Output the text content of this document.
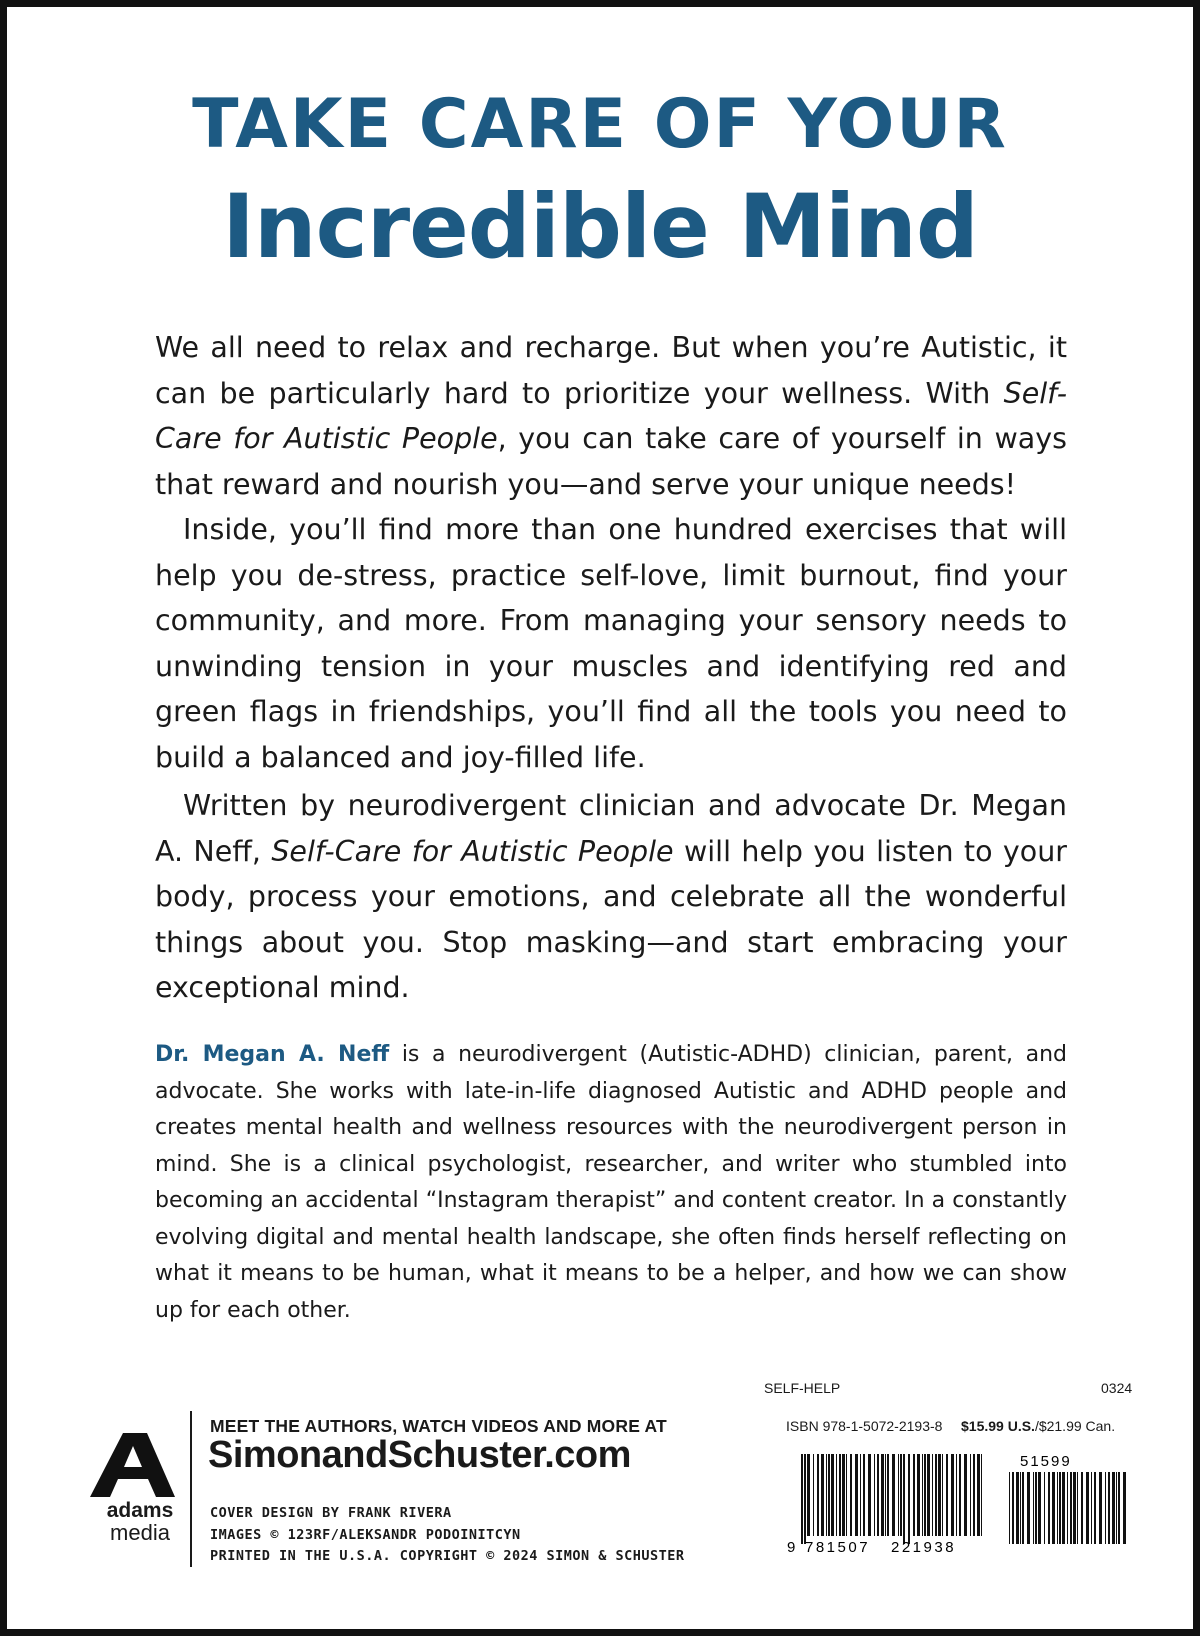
TAKE CARE OF YOUR
Incredible Mind

We all need to relax and recharge. But when you’re Autistic, it can be particularly hard to prioritize your wellness. With Self-Care for Autistic People, you can take care of yourself in ways that reward and nourish you—and serve your unique needs!

Inside, you’ll find more than one hundred exercises that will help you de-stress, practice self-love, limit burnout, find your community, and more. From managing your sensory needs to unwinding tension in your muscles and identifying red and green flags in friendships, you’ll find all the tools you need to build a balanced and joy-filled life.

Written by neurodivergent clinician and advocate Dr. Megan A. Neff, Self-Care for Autistic People will help you listen to your body, process your emotions, and celebrate all the wonderful things about you. Stop masking—and start embracing your exceptional mind.

Dr. Megan A. Neff is a neurodivergent (Autistic-ADHD) clinician, parent, and advocate. She works with late-in-life diagnosed Autistic and ADHD people and creates mental health and wellness resources with the neurodivergent person in mind. She is a clinical psychologist, researcher, and writer who stumbled into becoming an accidental “Instagram therapist” and content creator. In a constantly evolving digital and mental health landscape, she often finds herself reflecting on what it means to be human, what it means to be a helper, and how we can show up for each other.
SELF-HELP	0324
ISBN 978-1-5072-2193-8 $15.99 U.S./$21.99 Can.
adams
media
MEET THE AUTHORS, WATCH VIDEOS AND MORE AT
SimonandSchuster.com
COVER DESIGN BY FRANK RIVERA
IMAGES © 123RF/ALEKSANDR PODOINITCYN
PRINTED IN THE U.S.A. COPYRIGHT © 2024 SIMON & SCHUSTER
51599
9 781507 221938
